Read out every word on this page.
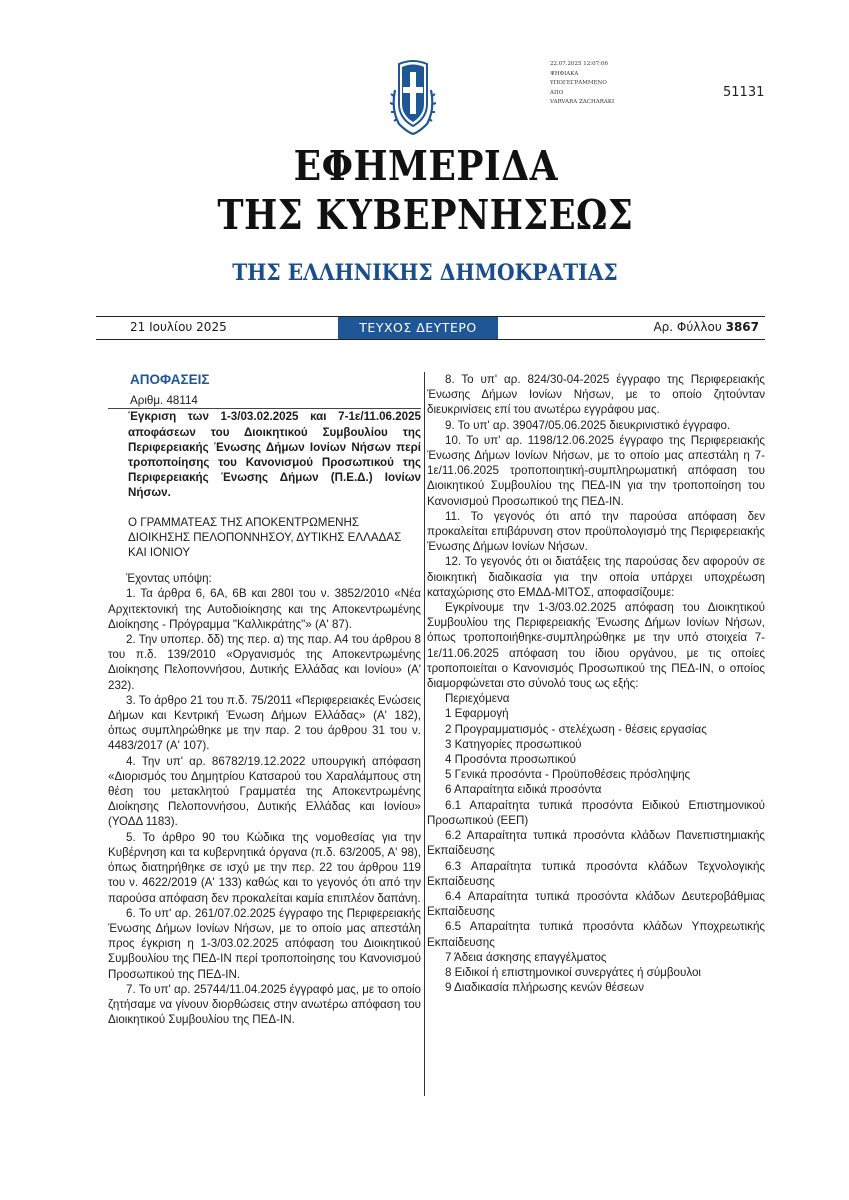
22.07.2025 12:07:06
ΨΗΦΙΑΚΑ
ΥΠΟΓΕΓΡΑΜΜΕΝΟ
ΑΠΟ
VARVARA ZACHARAKI
51131
ΕΦΗΜΕΡΙΔΑ
ΤΗΣ ΚΥΒΕΡΝΗΣΕΩΣ
ΤΗΣ ΕΛΛΗΝΙΚΗΣ ΔΗΜΟΚΡΑΤΙΑΣ
21 Ιουλίου 2025	ΤΕΥΧΟΣ ΔΕΥΤΕΡΟ	Αρ. Φύλλου 3867

ΑΠΟΦΑΣΕΙΣ

Αριθμ. 48114

Έγκριση των 1-3/03.02.2025 και 7-1ε/11.06.2025 αποφάσεων του Διοικητικού Συμβουλίου της Περιφερειακής Ένωσης Δήμων Ιονίων Νήσων περί τροποποίησης του Κανονισμού Προσωπικού της Περιφερειακής Ένωσης Δήμων (Π.Ε.Δ.) Ιονίων Νήσων.

Ο ΓΡΑΜΜΑΤΕΑΣ ΤΗΣ ΑΠΟΚΕΝΤΡΩΜΕΝΗΣ ΔΙΟΙΚΗΣΗΣ ΠΕΛΟΠΟΝΝΗΣΟΥ, ΔΥΤΙΚΗΣ ΕΛΛΑΔΑΣ ΚΑΙ ΙΟΝΙΟΥ

Έχοντας υπόψη:

1. Τα άρθρα 6, 6Α, 6Β και 280Ι του ν. 3852/2010 «Νέα Αρχιτεκτονική της Αυτοδιοίκησης και της Αποκεντρωμένης Διοίκησης - Πρόγραμμα "Καλλικράτης"» (Α' 87).

2. Την υποπερ. δδ) της περ. α) της παρ. Α4 του άρθρου 8 του π.δ. 139/2010 «Οργανισμός της Αποκεντρωμένης Διοίκησης Πελοποννήσου, Δυτικής Ελλάδας και Ιονίου» (Α' 232).

3. Το άρθρο 21 του π.δ. 75/2011 «Περιφερειακές Ενώσεις Δήμων και Κεντρική Ένωση Δήμων Ελλάδας» (Α' 182), όπως συμπληρώθηκε με την παρ. 2 του άρθρου 31 του ν. 4483/2017 (Α' 107).

4. Την υπ' αρ. 86782/19.12.2022 υπουργική απόφαση «Διορισμός του Δημητρίου Κατσαρού του Χαραλάμπους στη θέση του μετακλητού Γραμματέα της Αποκεντρωμένης Διοίκησης Πελοποννήσου, Δυτικής Ελλάδας και Ιονίου» (ΥΟΔΔ 1183).

5. Το άρθρο 90 του Κώδικα της νομοθεσίας για την Κυβέρνηση και τα κυβερνητικά όργανα (π.δ. 63/2005, Α' 98), όπως διατηρήθηκε σε ισχύ με την περ. 22 του άρθρου 119 του ν. 4622/2019 (Α' 133) καθώς και το γεγονός ότι από την παρούσα απόφαση δεν προκαλείται καμία επιπλέον δαπάνη.

6. Το υπ' αρ. 261/07.02.2025 έγγραφο της Περιφερειακής Ένωσης Δήμων Ιονίων Νήσων, με το οποίο μας απεστάλη προς έγκριση η 1-3/03.02.2025 απόφαση του Διοικητικού Συμβουλίου της ΠΕΔ-ΙΝ περί τροποποίησης του Κανονισμού Προσωπικού της ΠΕΔ-ΙΝ.

7. Το υπ' αρ. 25744/11.04.2025 έγγραφό μας, με το οποίο ζητήσαμε να γίνουν διορθώσεις στην ανωτέρω απόφαση του Διοικητικού Συμβουλίου της ΠΕΔ-ΙΝ.

8. Το υπ' αρ. 824/30-04-2025 έγγραφο της Περιφερειακής Ένωσης Δήμων Ιονίων Νήσων, με το οποίο ζητούνταν διευκρινίσεις επί του ανωτέρω εγγράφου μας.

9. Το υπ' αρ. 39047/05.06.2025 διευκρινιστικό έγγραφο.

10. Το υπ' αρ. 1198/12.06.2025 έγγραφο της Περιφερειακής Ένωσης Δήμων Ιονίων Νήσων, με το οποίο μας απεστάλη η 7-1ε/11.06.2025 τροποποιητική-συμπληρωματική απόφαση του Διοικητικού Συμβουλίου της ΠΕΔ-ΙΝ για την τροποποίηση του Κανονισμού Προσωπικού της ΠΕΔ-ΙΝ.

11. Το γεγονός ότι από την παρούσα απόφαση δεν προκαλείται επιβάρυνση στον προϋπολογισμό της Περιφερειακής Ένωσης Δήμων Ιονίων Νήσων.

12. Το γεγονός ότι οι διατάξεις της παρούσας δεν αφορούν σε διοικητική διαδικασία για την οποία υπάρχει υποχρέωση καταχώρισης στο ΕΜΔΔ-ΜΙΤΟΣ, αποφασίζουμε:

Εγκρίνουμε την 1-3/03.02.2025 απόφαση του Διοικητικού Συμβουλίου της Περιφερειακής Ένωσης Δήμων Ιονίων Νήσων, όπως τροποποιήθηκε-συμπληρώθηκε με την υπό στοιχεία 7-1ε/11.06.2025 απόφαση του ίδιου οργάνου, με τις οποίες τροποποιείται ο Κανονισμός Προσωπικού της ΠΕΔ-ΙΝ, ο οποίος διαμορφώνεται στο σύνολό τους ως εξής:

Περιεχόμενα

1 Εφαρμογή

2 Προγραμματισμός - στελέχωση - θέσεις εργασίας

3 Κατηγορίες προσωπικού

4 Προσόντα προσωπικού

5 Γενικά προσόντα - Προϋποθέσεις πρόσληψης

6 Απαραίτητα ειδικά προσόντα

6.1 Απαραίτητα τυπικά προσόντα Ειδικού Επιστημονικού Προσωπικού (ΕΕΠ)

6.2 Απαραίτητα τυπικά προσόντα κλάδων Πανεπιστημιακής Εκπαίδευσης

6.3 Απαραίτητα τυπικά προσόντα κλάδων Τεχνολογικής Εκπαίδευσης

6.4 Απαραίτητα τυπικά προσόντα κλάδων Δευτεροβάθμιας Εκπαίδευσης

6.5 Απαραίτητα τυπικά προσόντα κλάδων Υποχρεωτικής Εκπαίδευσης

7 Άδεια άσκησης επαγγέλματος

8 Ειδικοί ή επιστημονικοί συνεργάτες ή σύμβουλοι

9 Διαδικασία πλήρωσης κενών θέσεων
